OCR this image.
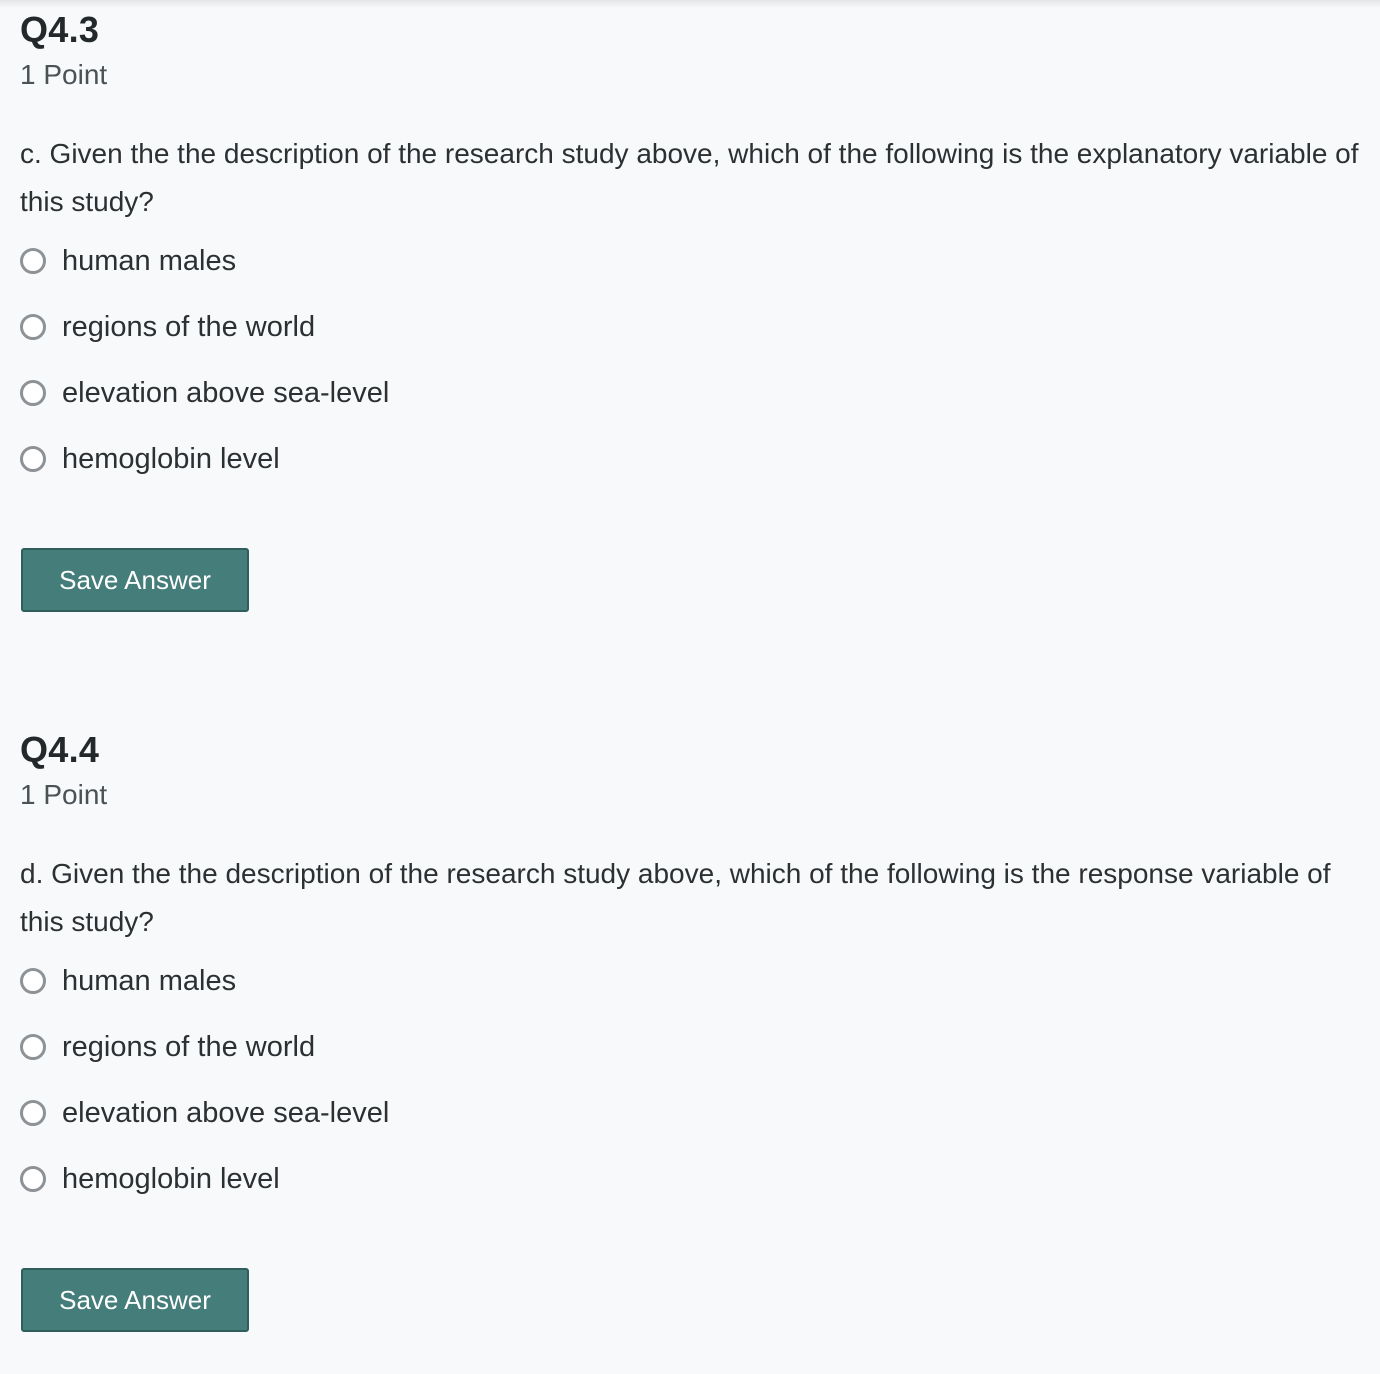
Q4.3
1 Point
c. Given the the description of the research study above, which of the following is the explanatory variable of this study?
human males
regions of the world
elevation above sea-level
hemoglobin level
Save Answer
Q4.4
1 Point
d. Given the the description of the research study above, which of the following is the response variable of this study?
human males
regions of the world
elevation above sea-level
hemoglobin level
Save Answer
